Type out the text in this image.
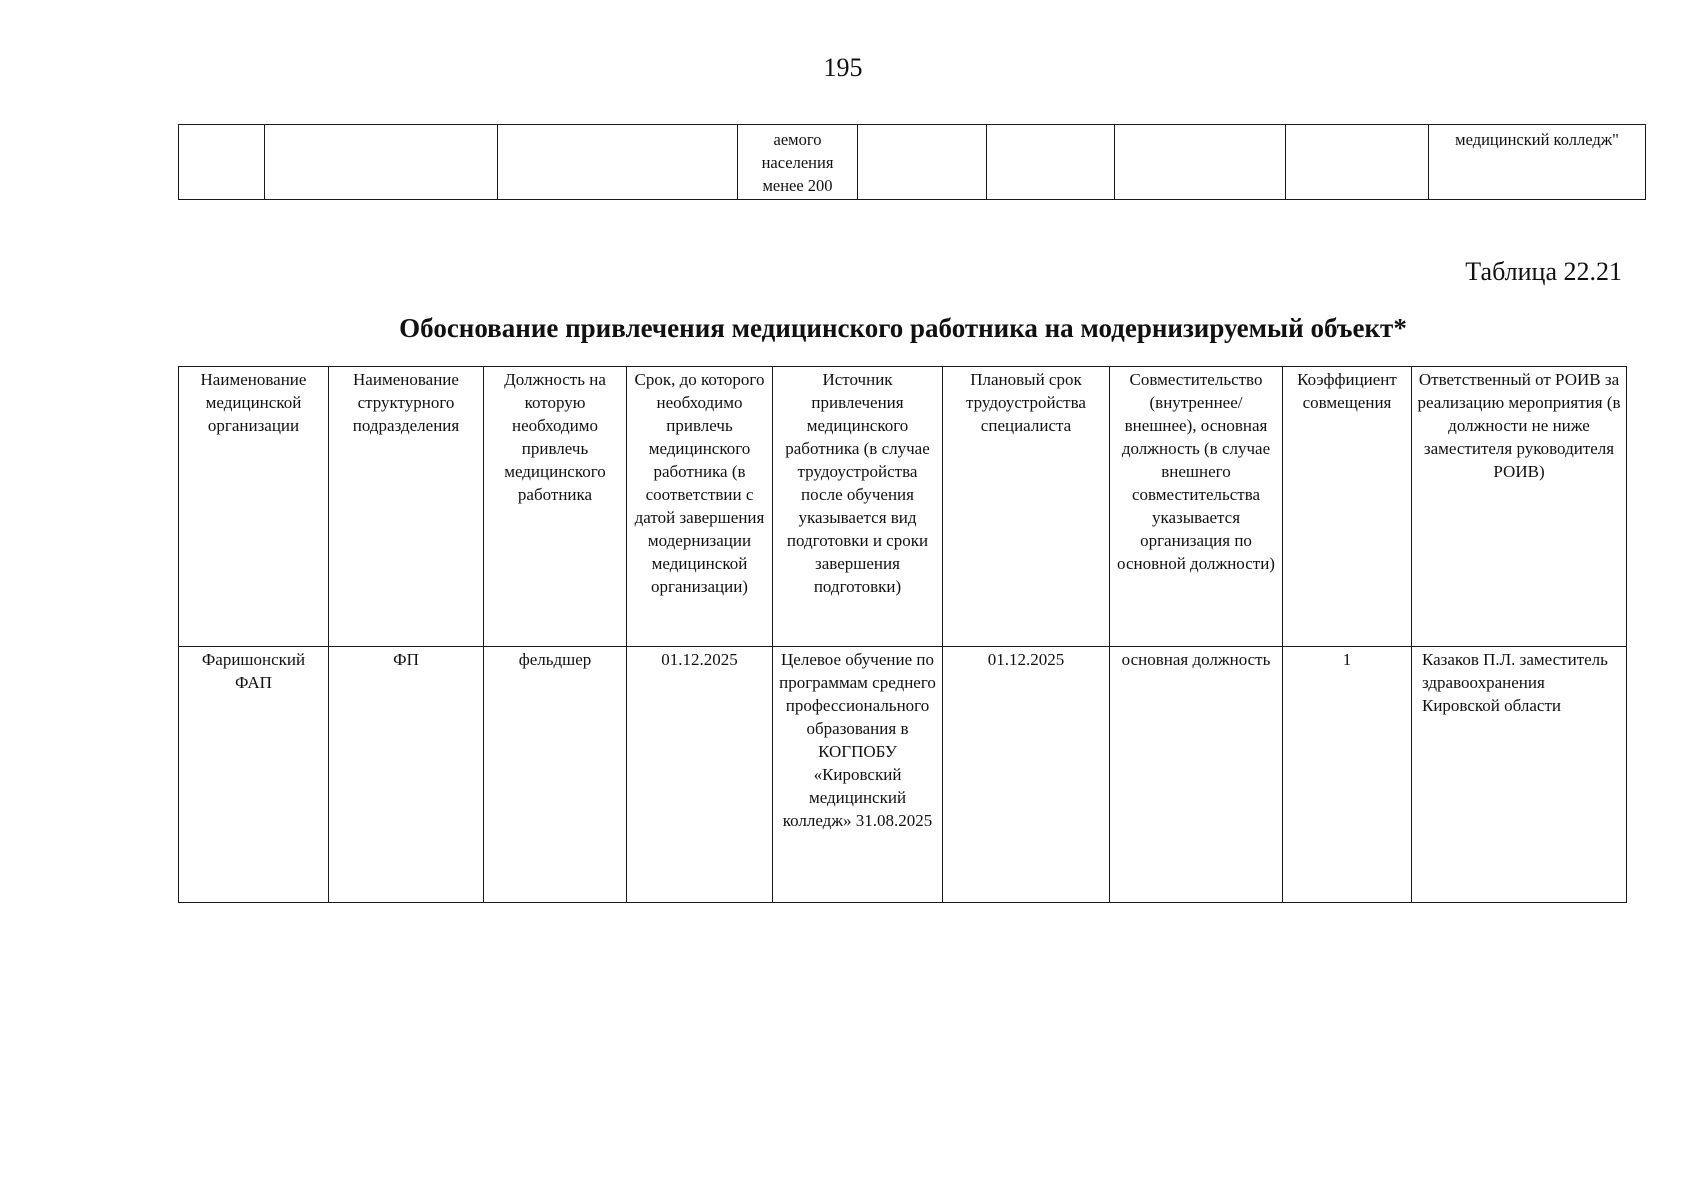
195
			аемого населения менее 200					медицинский колледж"
Таблица 22.21
Обоснование привлечения медицинского работника на модернизируемый объект*
Наименование медицинской организации	Наименование структурного подразделения	Должность на которую необходимо привлечь медицинского работника	Срок, до которого необходимо привлечь медицинского работника (в соответствии с датой завершения модернизации медицинской организации)	Источник привлечения медицинского работника (в случае трудоустройства после обучения указывается вид подготовки и сроки завершения подготовки)	Плановый срок трудоустройства специалиста	Совместительство (внутреннее/внешнее), основная должность (в случае внешнего совместительства указывается организация по основной должности)	Коэффициент совмещения	Ответственный от РОИВ за реализацию мероприятия (в должности не ниже заместителя руководителя РОИВ)
Фаришонский ФАП	ФП	фельдшер	01.12.2025	Целевое обучение по программам среднего профессионального образования в КОГПОБУ «Кировский медицинский колледж» 31.08.2025	01.12.2025	основная должность	1	Казаков П.Л. заместитель здравоохранения Кировской области
